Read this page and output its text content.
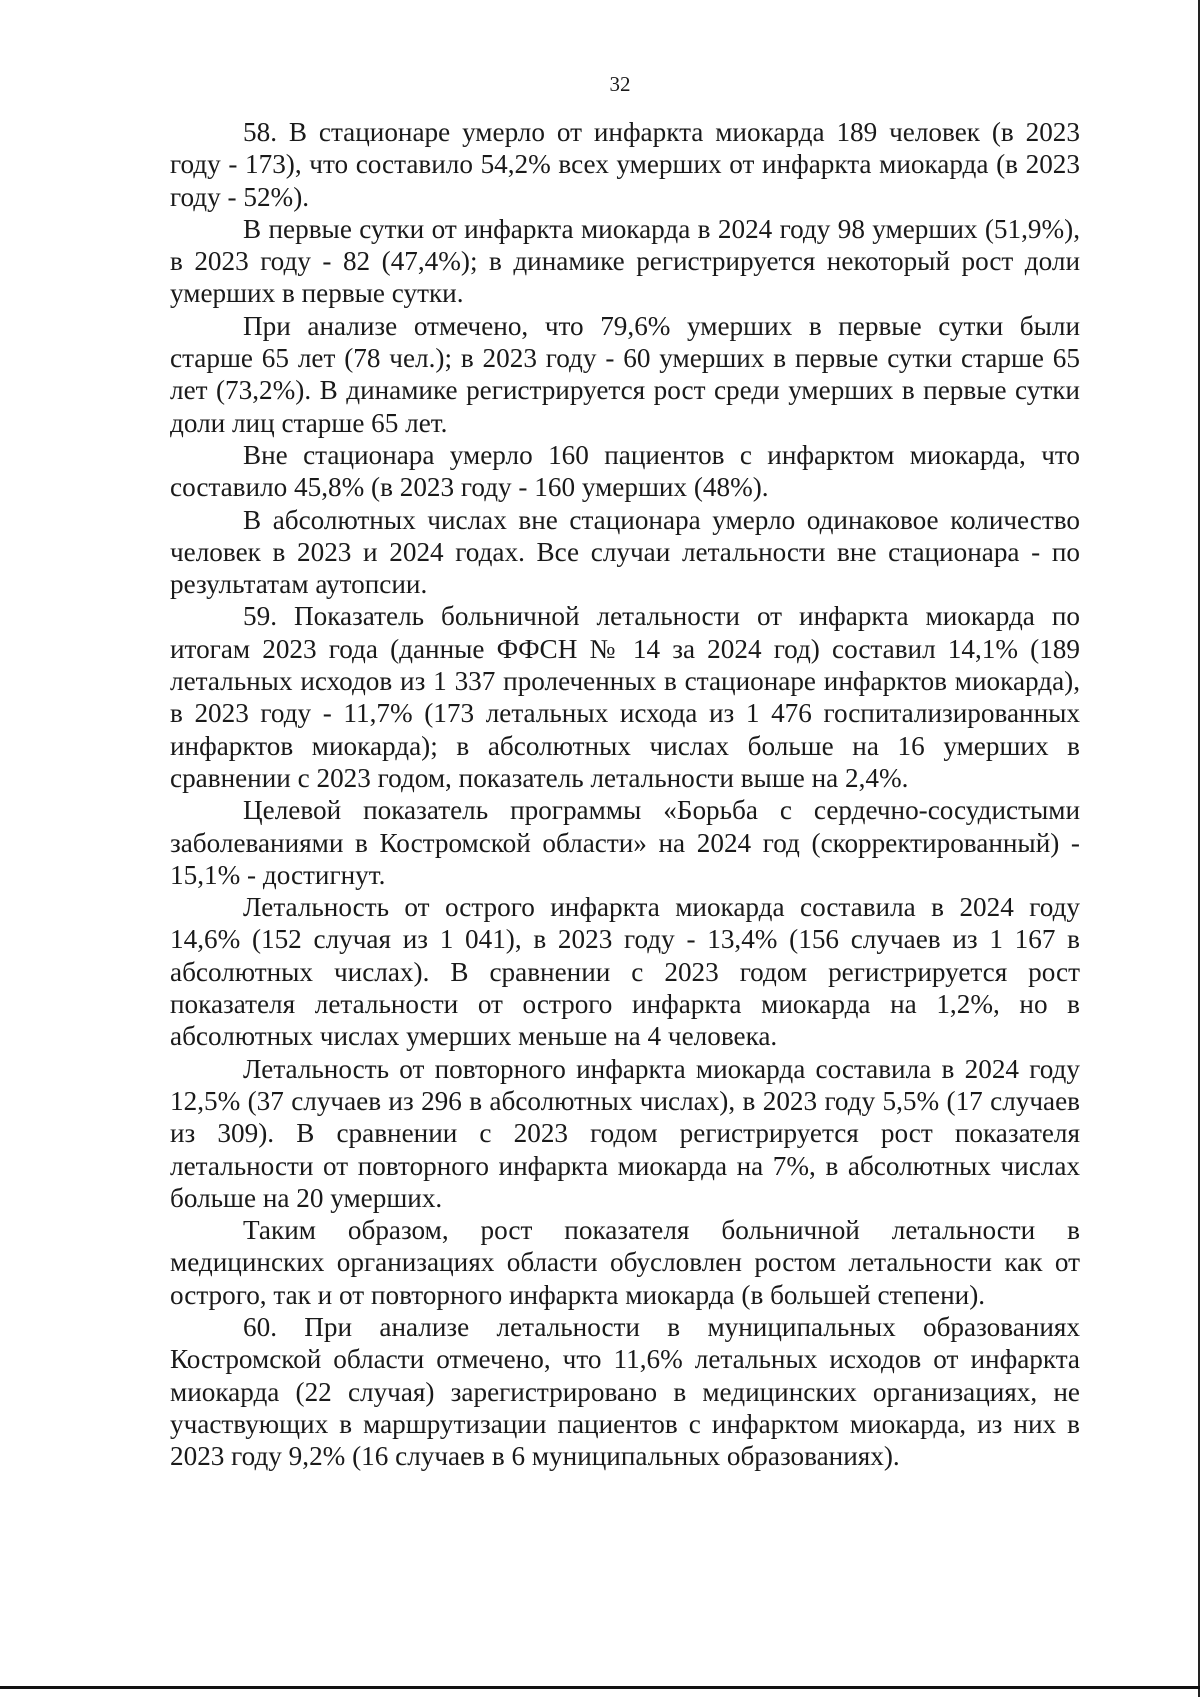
32

58. В стационаре умерло от инфаркта миокарда 189 человек (в 2023 году - 173), что составило 54,2% всех умерших от инфаркта миокарда (в 2023 году - 52%).

В первые сутки от инфаркта миокарда в 2024 году 98 умерших (51,9%), в 2023 году - 82 (47,4%); в динамике регистрируется некоторый рост доли умерших в первые сутки.

При анализе отмечено, что 79,6% умерших в первые сутки были старше 65 лет (78 чел.); в 2023 году - 60 умерших в первые сутки старше 65 лет (73,2%). В динамике регистрируется рост среди умерших в первые сутки доли лиц старше 65 лет.

Вне стационара умерло 160 пациентов с инфарктом миокарда, что составило 45,8% (в 2023 году - 160 умерших (48%).

В абсолютных числах вне стационара умерло одинаковое количество человек в 2023 и 2024 годах. Все случаи летальности вне стационара - по результатам аутопсии.

59. Показатель больничной летальности от инфаркта миокарда по итогам 2023 года (данные ФФСН № 14 за 2024 год) составил 14,1% (189 летальных исходов из 1 337 пролеченных в стационаре инфарктов миокарда), в 2023 году - 11,7% (173 летальных исхода из 1 476 госпитализированных инфарктов миокарда); в абсолютных числах больше на 16 умерших в сравнении с 2023 годом, показатель летальности выше на 2,4%.

Целевой показатель программы «Борьба с сердечно-сосудистыми заболеваниями в Костромской области» на 2024 год (скорректированный) - 15,1% - достигнут.

Летальность от острого инфаркта миокарда составила в 2024 году 14,6% (152 случая из 1 041), в 2023 году - 13,4% (156 случаев из 1 167 в абсолютных числах). В сравнении с 2023 годом регистрируется рост показателя летальности от острого инфаркта миокарда на 1,2%, но в абсолютных числах умерших меньше на 4 человека.

Летальность от повторного инфаркта миокарда составила в 2024 году 12,5% (37 случаев из 296 в абсолютных числах), в 2023 году 5,5% (17 случаев из 309). В сравнении с 2023 годом регистрируется рост показателя летальности от повторного инфаркта миокарда на 7%, в абсолютных числах больше на 20 умерших.

Таким образом, рост показателя больничной летальности в медицинских организациях области обусловлен ростом летальности как от острого, так и от повторного инфаркта миокарда (в большей степени).

60. При анализе летальности в муниципальных образованиях Костромской области отмечено, что 11,6% летальных исходов от инфаркта миокарда (22 случая) зарегистрировано в медицинских организациях, не участвующих в маршрутизации пациентов с инфарктом миокарда, из них в 2023 году 9,2% (16 случаев в 6 муниципальных образованиях).
